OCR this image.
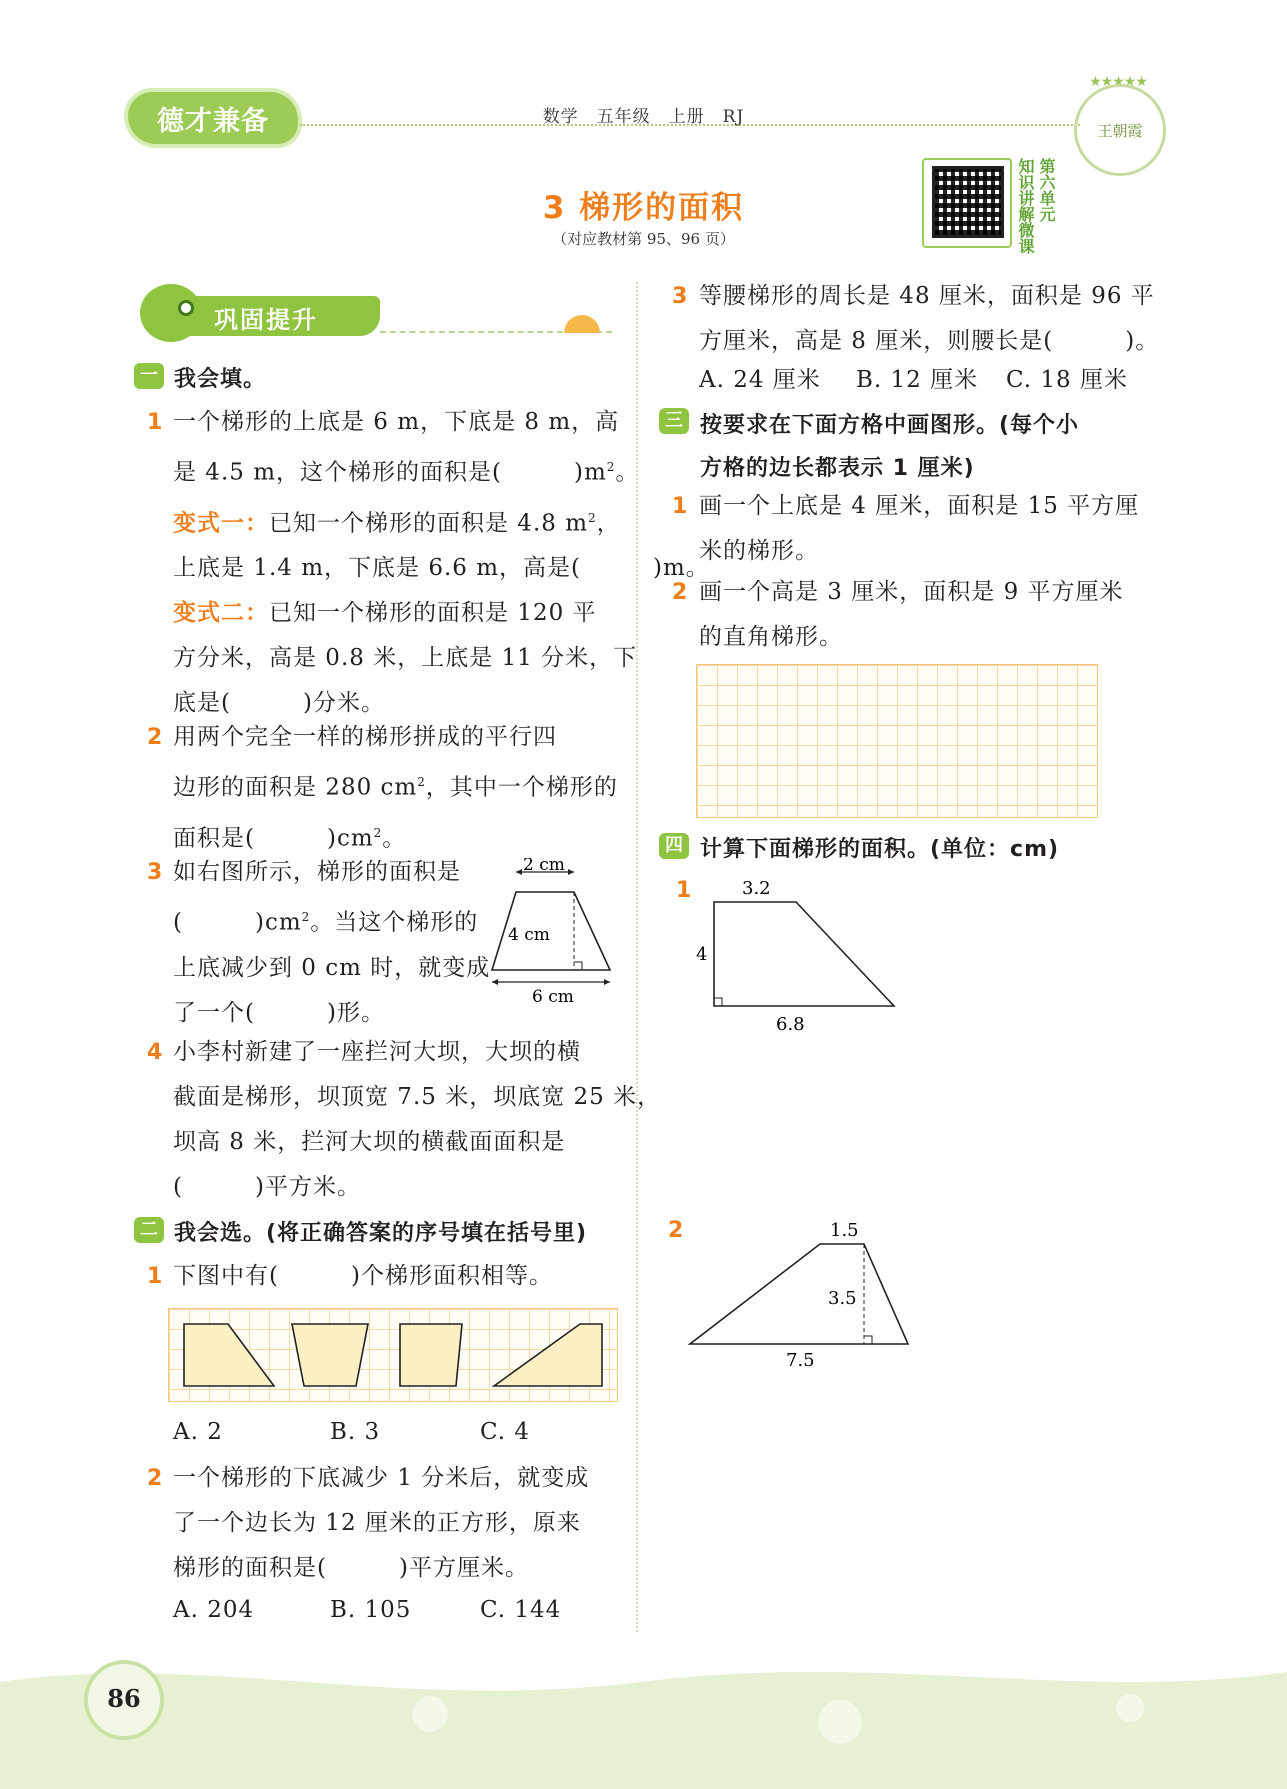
德才兼备	数学　五年级　上册　RJ
★★★★★
王朝霞
3 梯形的面积
（对应教材第 95、96 页）	知识讲解微课 第六单元
巩固提升
一 我会填。
1 一个梯形的上底是 6 m，下底是 8 m，高
是 4.5 m，这个梯形的面积是(　　　)$m^2$。
变式一：已知一个梯形的面积是 4.8 $m^2$，
上底是 1.4 m，下底是 6.6 m，高是(　　　)m。
变式二：已知一个梯形的面积是 120 平
方分米，高是 0.8 米，上底是 11 分米，下
底是(　　　)分米。
2 用两个完全一样的梯形拼成的平行四
边形的面积是 280 $cm^2$，其中一个梯形的
面积是(　　　)$cm^2$。
3 如右图所示，梯形的面积是
(　　　)$cm^2$。当这个梯形的
上底减少到 0 cm 时，就变成
了一个(　　　)形。
2 cm
4 cm
6 cm
4 小李村新建了一座拦河大坝，大坝的横
截面是梯形，坝顶宽 7.5 米，坝底宽 25 米，
坝高 8 米，拦河大坝的横截面面积是
(　　　)平方米。
二 我会选。(将正确答案的序号填在括号里)
1 下图中有(　　　)个梯形面积相等。
A. 2	B. 3	C. 4
2 一个梯形的下底减少 1 分米后，就变成
了一个边长为 12 厘米的正方形，原来
梯形的面积是(　　　)平方厘米。
A. 204	B. 105	C. 144
3 等腰梯形的周长是 48 厘米，面积是 96 平
方厘米，高是 8 厘米，则腰长是(　　　)。
A. 24 厘米 B. 12 厘米 C. 18 厘米
三 按要求在下面方格中画图形。(每个小
方格的边长都表示 1 厘米)
1 画一个上底是 4 厘米，面积是 15 平方厘
米的梯形。
2 画一个高是 3 厘米，面积是 9 平方厘米
的直角梯形。
四 计算下面梯形的面积。(单位：cm)
1	3.2
4
6.8
2	1.5
3.5
7.5
86
